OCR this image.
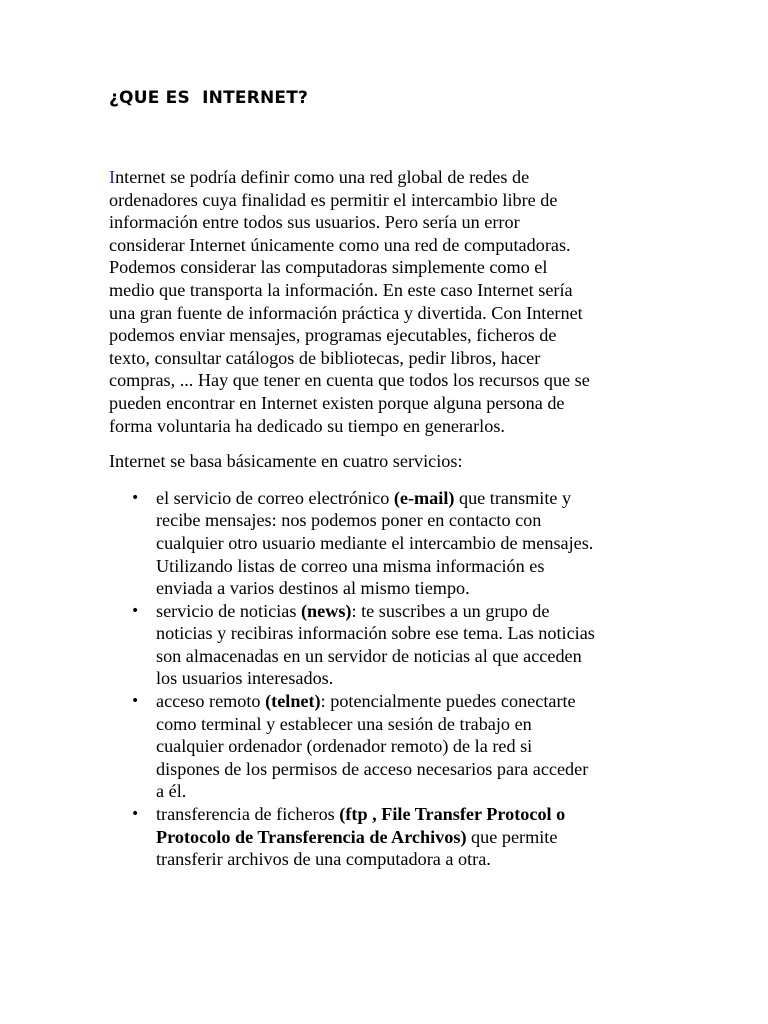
¿QUE ES  INTERNET?

Internet se podría definir como una red global de redes de
ordenadores cuya finalidad es permitir el intercambio libre de
información entre todos sus usuarios. Pero sería un error
considerar Internet únicamente como una red de computadoras.
Podemos considerar las computadoras simplemente como el
medio que transporta la información. En este caso Internet sería
una gran fuente de información práctica y divertida. Con Internet
podemos enviar mensajes, programas ejecutables, ficheros de
texto, consultar catálogos de bibliotecas, pedir libros, hacer
compras, ... Hay que tener en cuenta que todos los recursos que se
pueden encontrar en Internet existen porque alguna persona de
forma voluntaria ha dedicado su tiempo en generarlos.

Internet se basa básicamente en cuatro servicios:

• el servicio de correo electrónico (e-mail) que transmite y
recibe mensajes: nos podemos poner en contacto con
cualquier otro usuario mediante el intercambio de mensajes.
Utilizando listas de correo una misma información es
enviada a varios destinos al mismo tiempo.
• servicio de noticias (news): te suscribes a un grupo de
noticias y recibiras información sobre ese tema. Las noticias
son almacenadas en un servidor de noticias al que acceden
los usuarios interesados.
• acceso remoto (telnet): potencialmente puedes conectarte
como terminal y establecer una sesión de trabajo en
cualquier ordenador (ordenador remoto) de la red si
dispones de los permisos de acceso necesarios para acceder
a él.
• transferencia de ficheros (ftp , File Transfer Protocol o
Protocolo de Transferencia de Archivos) que permite
transferir archivos de una computadora a otra.
